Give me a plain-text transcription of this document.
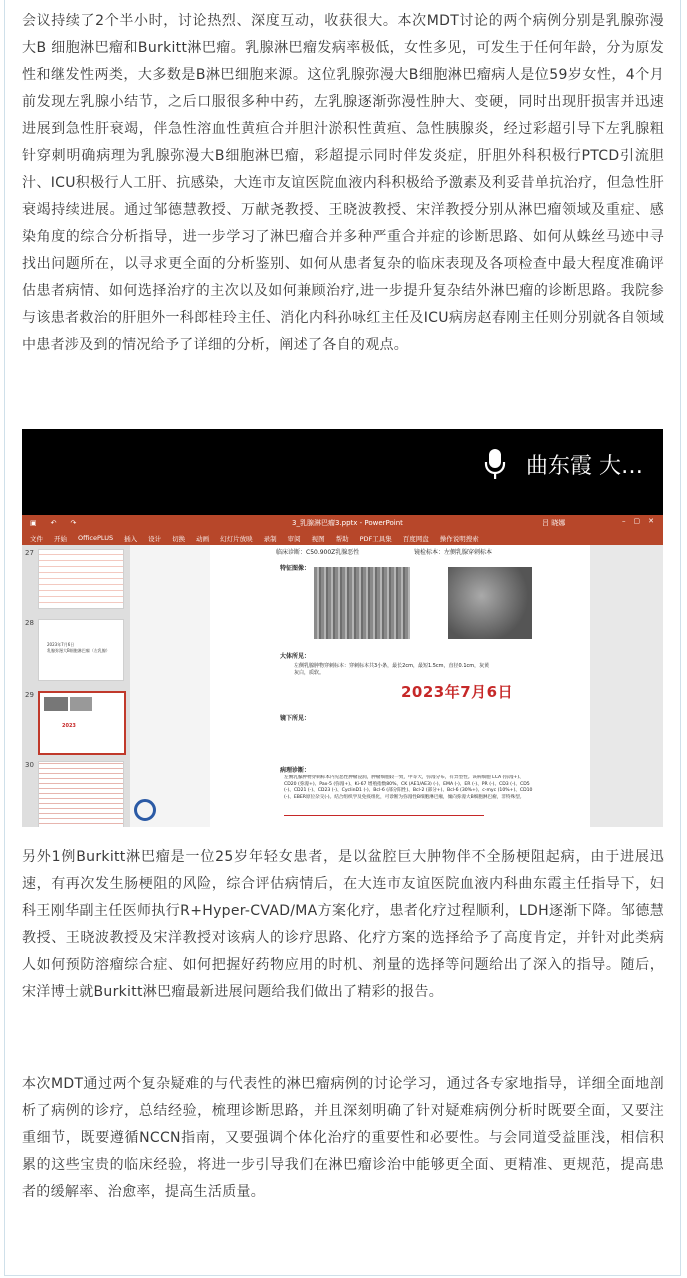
会议持续了2个半小时，讨论热烈、深度互动，收获很大。本次MDT讨论的两个病例分别是乳腺弥漫大B 细胞淋巴瘤和Burkitt淋巴瘤。乳腺淋巴瘤发病率极低，女性多见，可发生于任何年龄，分为原发性和继发性两类，大多数是B淋巴细胞来源。这位乳腺弥漫大B细胞淋巴瘤病人是位59岁女性，4个月前发现左乳腺小结节，之后口服很多种中药，左乳腺逐渐弥漫性肿大、变硬，同时出现肝损害并迅速进展到急性肝衰竭，伴急性溶血性黄疸合并胆汁淤积性黄疸、急性胰腺炎，经过彩超引导下左乳腺粗针穿刺明确病理为乳腺弥漫大B细胞淋巴瘤，彩超提示同时伴发炎症，肝胆外科积极行PTCD引流胆汁、ICU积极行人工肝、抗感染，大连市友谊医院血液内科积极给予激素及利妥昔单抗治疗，但急性肝衰竭持续进展。通过邹德慧教授、万献尧教授、王晓波教授、宋洋教授分别从淋巴瘤领域及重症、感染角度的综合分析指导，进一步学习了淋巴瘤合并多种严重合并症的诊断思路、如何从蛛丝马迹中寻找出问题所在，以寻求更全面的分析鉴别、如何从患者复杂的临床表现及各项检查中最大程度准确评估患者病情、如何选择治疗的主次以及如何兼顾治疗,进一步提升复杂结外淋巴瘤的诊断思路。我院参与该患者救治的肝胆外一科郎桂玲主任、消化内科孙咏红主任及ICU病房赵春刚主任则分别就各自领域中患者涉及到的情况给予了详细的分析，阐述了各自的观点。

曲东霞 大…
▣ ↶ ↷	3_乳腺淋巴瘤3.pptx - PowerPoint	吕 晓娜	–▢✕
文件 开始 OfficePLUS 插入 设计 切换 动画 幻灯片放映 录制 审阅 视图 帮助 PDF工具集 百度网盘 操作说明搜索
27
28
2023年7月6日
乳腺弥漫大B细胞淋巴瘤（左乳腺）
29
2023
30
临床诊断：C50.900Z乳腺恶性	镜检标本：左侧乳腺穿刺标本
特征图像：
大体所见：
左侧乳腺肿物穿刺标本：穿刺标本共3小条，最长2cm，最短1.5cm，直径0.1cm，灰黄灰白，质软。
2023年7月6日
镜下所见：
病理诊断：
左侧乳腺肿物穿刺标本内见恶性肿瘤浸润，肿瘤细胞较一致，中等大，弥漫分布，有异型性。该病细胞 LCA (弥漫+)、CD20 (弥漫+)、Pax-5 (弥漫+)、Ki-67 增殖指数80%、CK (AE1/AE3) (-)、EMA (-)、ER (-)、PR (-)、CD3 (-)、CD5 (-)、CD21 (-)、CD23 (-)、CyclinD1 (-)、Bcl-6 (部分阳性)、Bcl-2 (部分+)、Bcl-6 (30%+)、c-myc (10%+)、CD10 (-)、EBER原位杂交(-)。结合组织学及免疫组化，可诊断为弥漫性B细胞淋巴瘤，倾向弥漫大B细胞淋巴瘤，非特殊型。

另外1例Burkitt淋巴瘤是一位25岁年轻女患者，是以盆腔巨大肿物伴不全肠梗阻起病，由于进展迅速，有再次发生肠梗阻的风险，综合评估病情后，在大连市友谊医院血液内科曲东霞主任指导下，妇科王刚华副主任医师执行R+Hyper-CVAD/MA方案化疗，患者化疗过程顺利，LDH逐渐下降。邹德慧教授、王晓波教授及宋洋教授对该病人的诊疗思路、化疗方案的选择给予了高度肯定，并针对此类病人如何预防溶瘤综合症、如何把握好药物应用的时机、剂量的选择等问题给出了深入的指导。随后，宋洋博士就Burkitt淋巴瘤最新进展问题给我们做出了精彩的报告。

本次MDT通过两个复杂疑难的与代表性的淋巴瘤病例的讨论学习，通过各专家地指导，详细全面地剖析了病例的诊疗，总结经验，梳理诊断思路，并且深刻明确了针对疑难病例分析时既要全面，又要注重细节，既要遵循NCCN指南，又要强调个体化治疗的重要性和必要性。与会同道受益匪浅，相信积累的这些宝贵的临床经验，将进一步引导我们在淋巴瘤诊治中能够更全面、更精准、更规范，提高患者的缓解率、治愈率，提高生活质量。
